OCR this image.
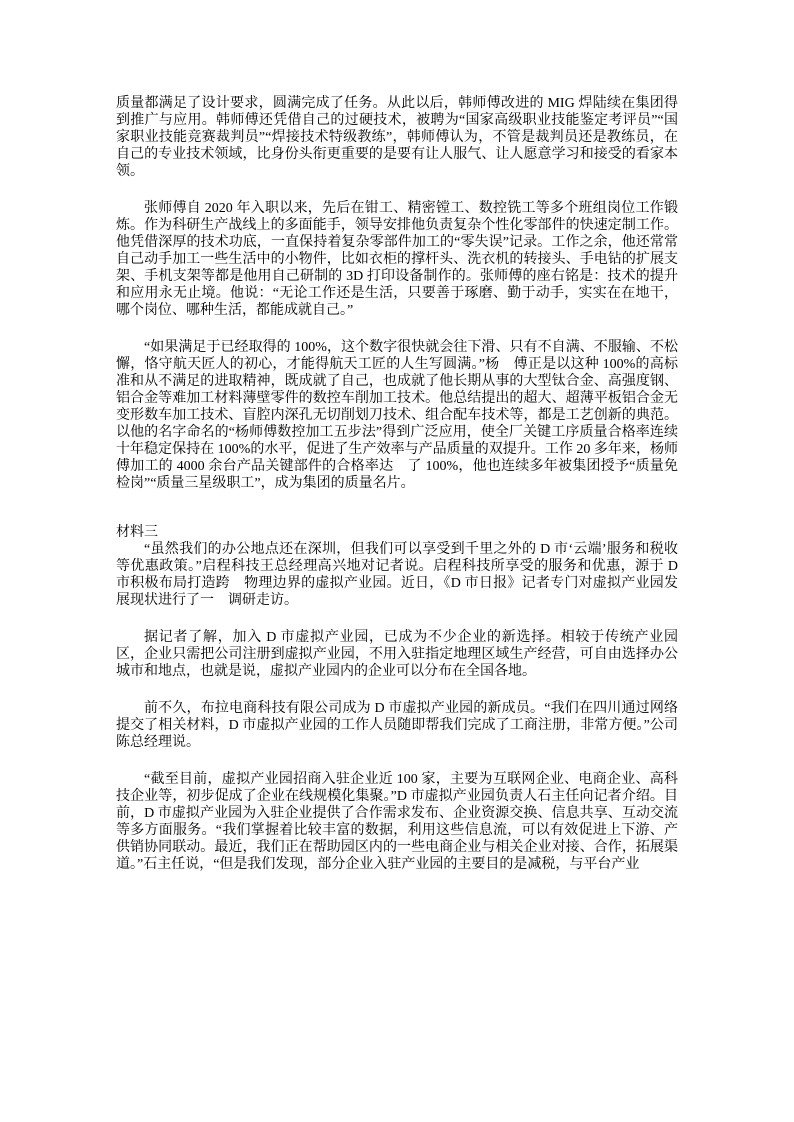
质量都满足了设计要求，圆满完成了任务。从此以后，韩师傅改进的 MIG 焊陆续在集团得到推广与应用。韩师傅还凭借自己的过硬技术，被聘为“国家高级职业技能鉴定考评员”“国家职业技能竞赛裁判员”“焊接技术特级教练”，韩师傅认为，不管是裁判员还是教练员，在自己的专业技术领域，比身份头衔更重要的是要有让人服气、让人愿意学习和接受的看家本领。

张师傅自 2020 年入职以来，先后在钳工、精密镗工、数控铣工等多个班组岗位工作锻炼。作为科研生产战线上的多面能手，领导安排他负责复杂个性化零部件的快速定制工作。他凭借深厚的技术功底，一直保持着复杂零部件加工的“零失误”记录。工作之余，他还常常自己动手加工一些生活中的小物件，比如衣柜的撑杆头、洗衣机的转接头、手电钻的扩展支架、手机支架等都是他用自己研制的 3D 打印设备制作的。张师傅的座右铭是：技术的提升和应用永无止境。他说：“无论工作还是生活，只要善于琢磨、勤于动手，实实在在地干，哪个岗位、哪种生活，都能成就自己。”

“如果满足于已经取得的 100%，这个数字很快就会往下滑、只有不自满、不服输、不松懈，恪守航天匠人的初心，才能得航天工匠的人生写圆满。”杨　傅正是以这种 100%的高标准和从不满足的进取精神，既成就了自己，也成就了他长期从事的大型钛合金、高强度钢、铝合金等难加工材料薄壁零件的数控车削加工技术。他总结提出的超大、超薄平板铝合金无变形数车加工技术、盲腔内深孔无切削划刀技术、组合配车技术等，都是工艺创新的典范。以他的名字命名的“杨师傅数控加工五步法”得到广泛应用，使全厂关键工序质量合格率连续十年稳定保持在 100%的水平，促进了生产效率与产品质量的双提升。工作 20 多年来，杨师傅加工的 4000 余台产品关键部件的合格率达　了 100%，他也连续多年被集团授予“质量免检岗”“质量三星级职工”，成为集团的质量名片。

材料三

“虽然我们的办公地点还在深圳，但我们可以享受到千里之外的 D 市‘云端’服务和税收等优惠政策。”启程科技王总经理高兴地对记者说。启程科技所享受的服务和优惠，源于 D 市积极布局打造跨　物理边界的虚拟产业园。近日，《D 市日报》记者专门对虚拟产业园发展现状进行了一　调研走访。

据记者了解，加入 D 市虚拟产业园，已成为不少企业的新选择。相较于传统产业园区，企业只需把公司注册到虚拟产业园，不用入驻指定地理区域生产经营，可自由选择办公城市和地点，也就是说，虚拟产业园内的企业可以分布在全国各地。

前不久，布拉电商科技有限公司成为 D 市虚拟产业园的新成员。“我们在四川通过网络提交了相关材料，D 市虚拟产业园的工作人员随即帮我们完成了工商注册，非常方便。”公司陈总经理说。

“截至目前，虚拟产业园招商入驻企业近 100 家，主要为互联网企业、电商企业、高科技企业等，初步促成了企业在线规模化集聚。”D 市虚拟产业园负责人石主任向记者介绍。目前，D 市虚拟产业园为入驻企业提供了合作需求发布、企业资源交换、信息共享、互动交流等多方面服务。“我们掌握着比较丰富的数据，利用这些信息流，可以有效促进上下游、产供销协同联动。最近，我们正在帮助园区内的一些电商企业与相关企业对接、合作，拓展渠道。”石主任说，“但是我们发现，部分企业入驻产业园的主要目的是减税，与平台产业
